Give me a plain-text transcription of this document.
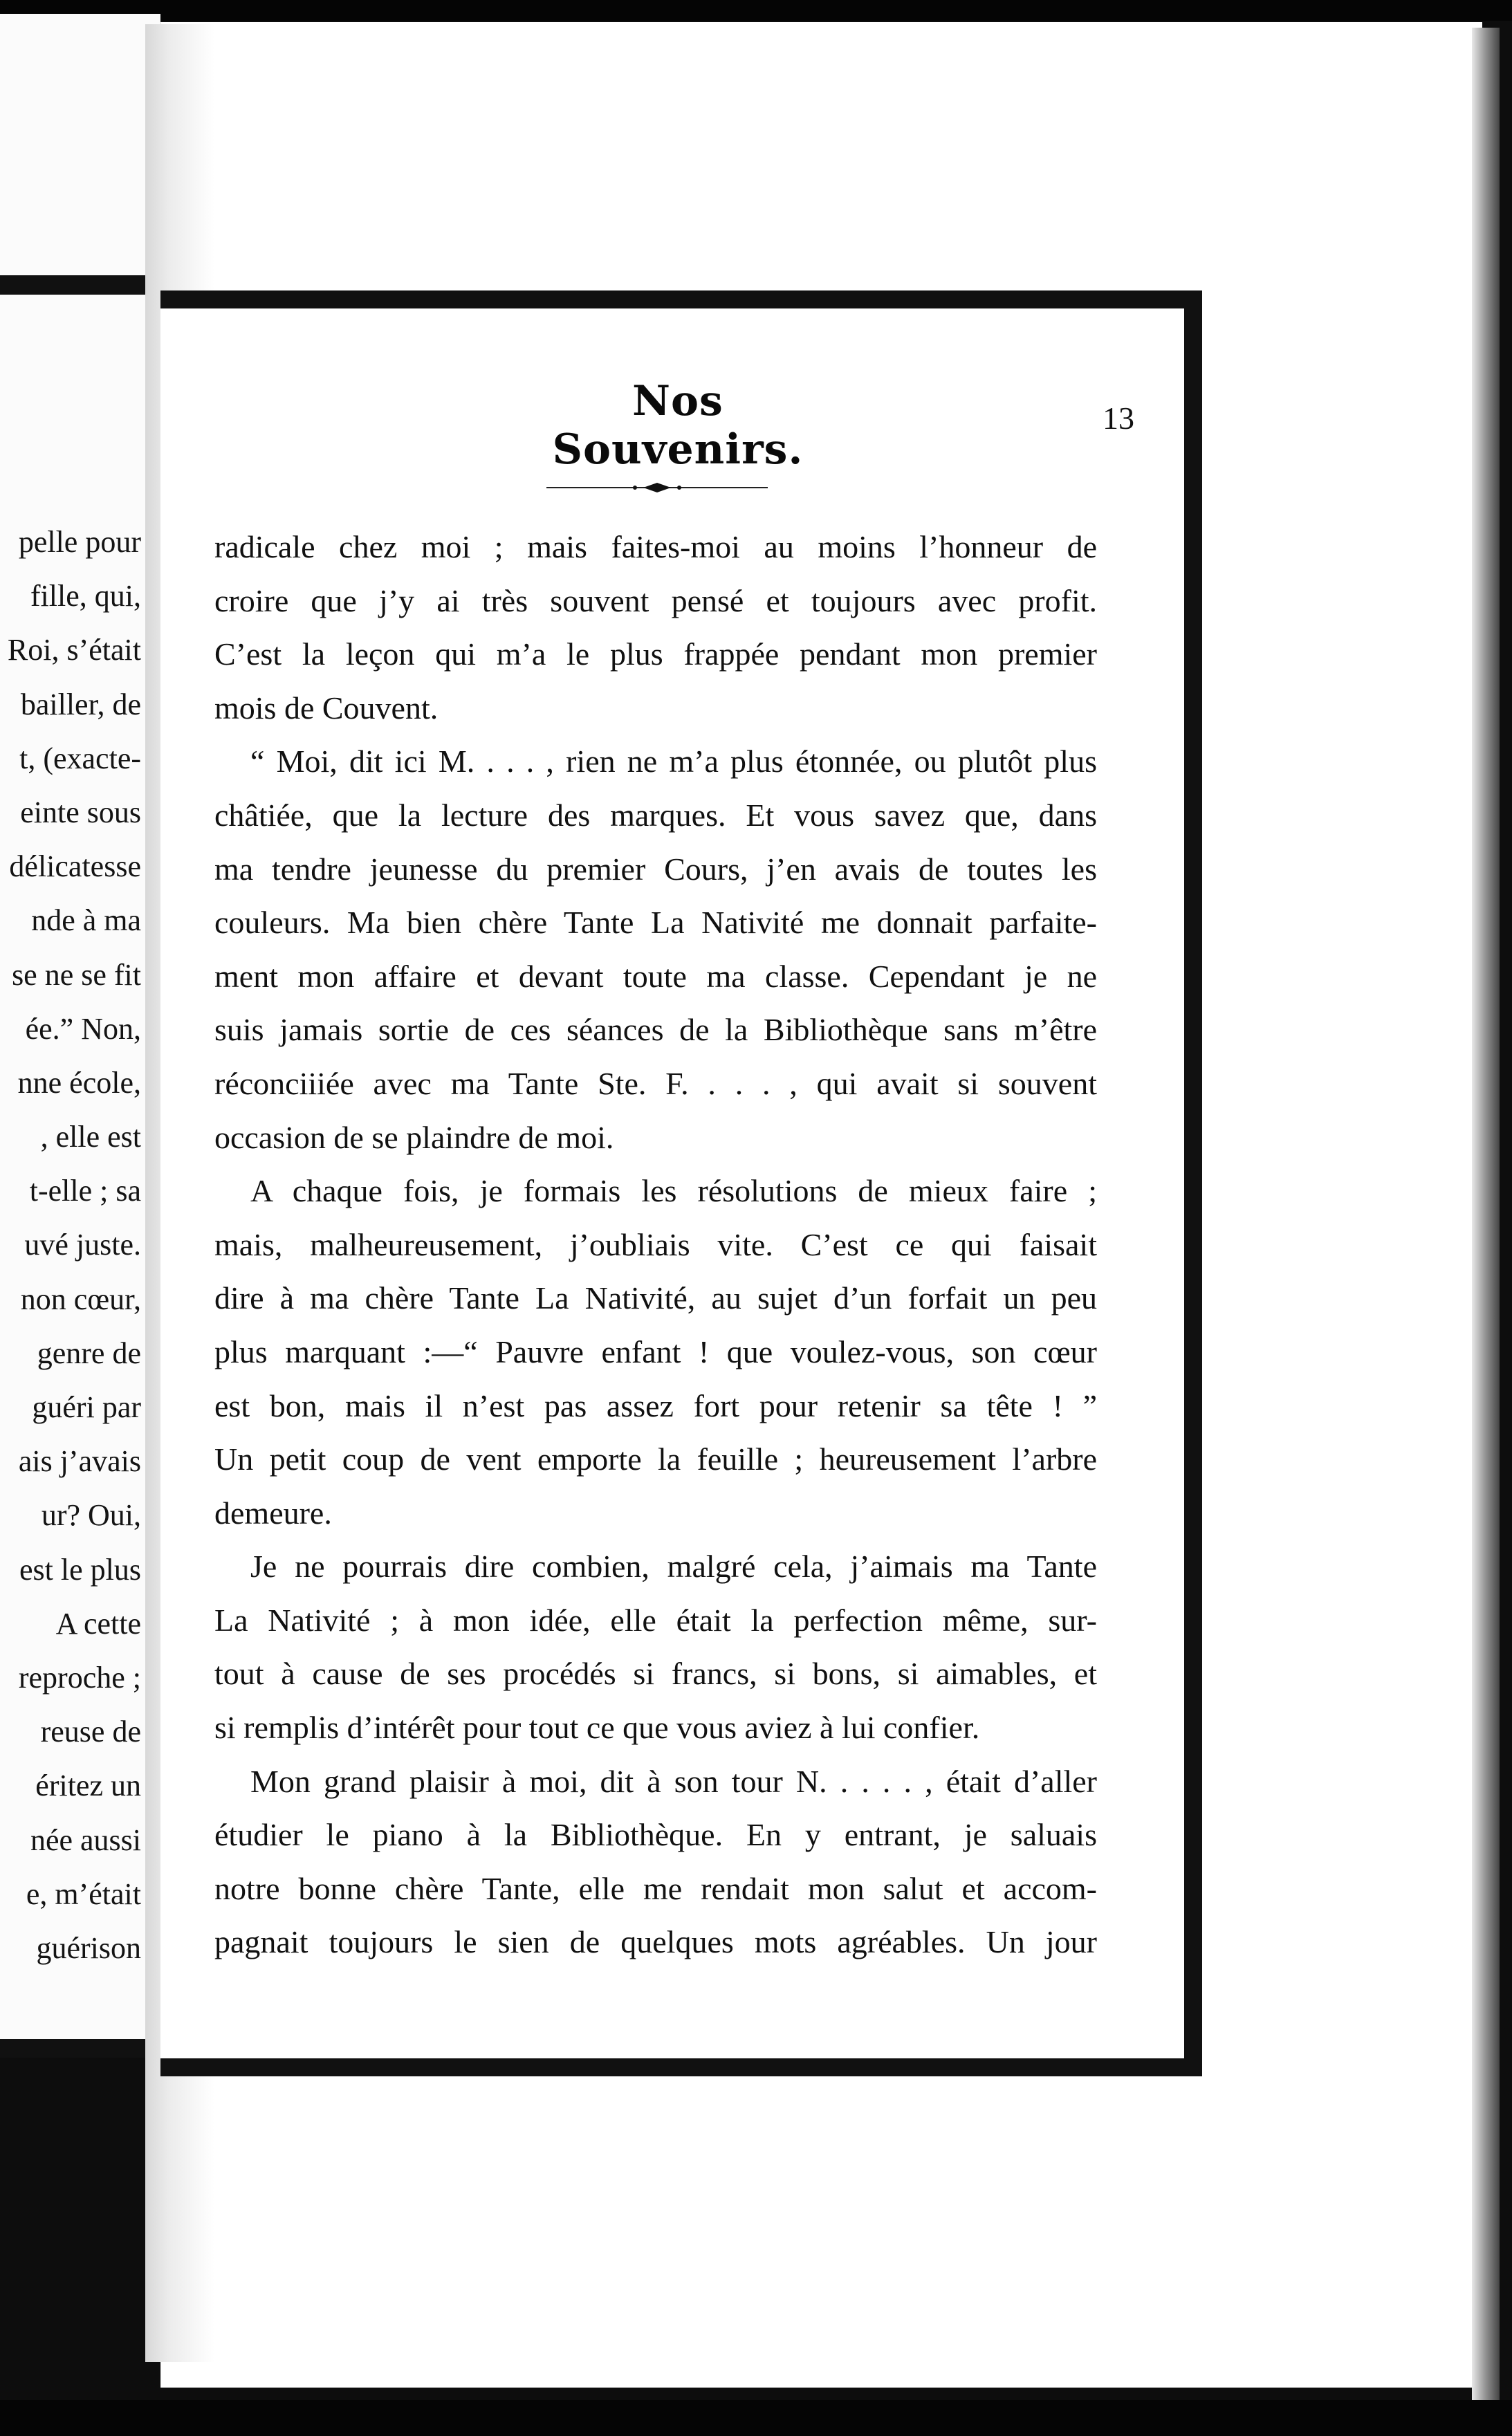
pelle pour
fille, qui,
Roi, s’était
bailler, de
t, (exacte-
einte sous
délicatesse
nde à ma
se ne se fit
ée.” Non,
nne école,
, elle est
t-elle ; sa
uvé juste.
non cœur,
genre de
guéri par
ais j’avais
ur? Oui,
est le plus
A cette
reproche ;
reuse de
éritez un
née aussi
e, m’était
guérison
Nos Souvenirs.
13
radicale chez moi ; mais faites-moi au moins l’honneur de
croire que j’y ai très souvent pensé et toujours avec profit.
C’est la leçon qui m’a le plus frappée pendant mon premier
mois de Couvent.
“ Moi, dit ici M. . . . , rien ne m’a plus étonnée, ou plutôt plus
châtiée, que la lecture des marques. Et vous savez que, dans
ma tendre jeunesse du premier Cours, j’en avais de toutes les
couleurs. Ma bien chère Tante La Nativité me donnait parfaite-
ment mon affaire et devant toute ma classe. Cependant je ne
suis jamais sortie de ces séances de la Bibliothèque sans m’être
réconciiiée avec ma Tante Ste. F. . . . , qui avait si souvent
occasion de se plaindre de moi.
A chaque fois, je formais les résolutions de mieux faire ;
mais, malheureusement, j’oubliais vite. C’est ce qui faisait
dire à ma chère Tante La Nativité, au sujet d’un forfait un peu
plus marquant :—“ Pauvre enfant ! que voulez-vous, son cœur
est bon, mais il n’est pas assez fort pour retenir sa tête ! ”
Un petit coup de vent emporte la feuille ; heureusement l’arbre
demeure.
Je ne pourrais dire combien, malgré cela, j’aimais ma Tante
La Nativité ; à mon idée, elle était la perfection même, sur-
tout à cause de ses procédés si francs, si bons, si aimables, et
si remplis d’intérêt pour tout ce que vous aviez à lui confier.
Mon grand plaisir à moi, dit à son tour N. . . . . , était d’aller
étudier le piano à la Bibliothèque. En y entrant, je saluais
notre bonne chère Tante, elle me rendait mon salut et accom-
pagnait toujours le sien de quelques mots agréables. Un jour
